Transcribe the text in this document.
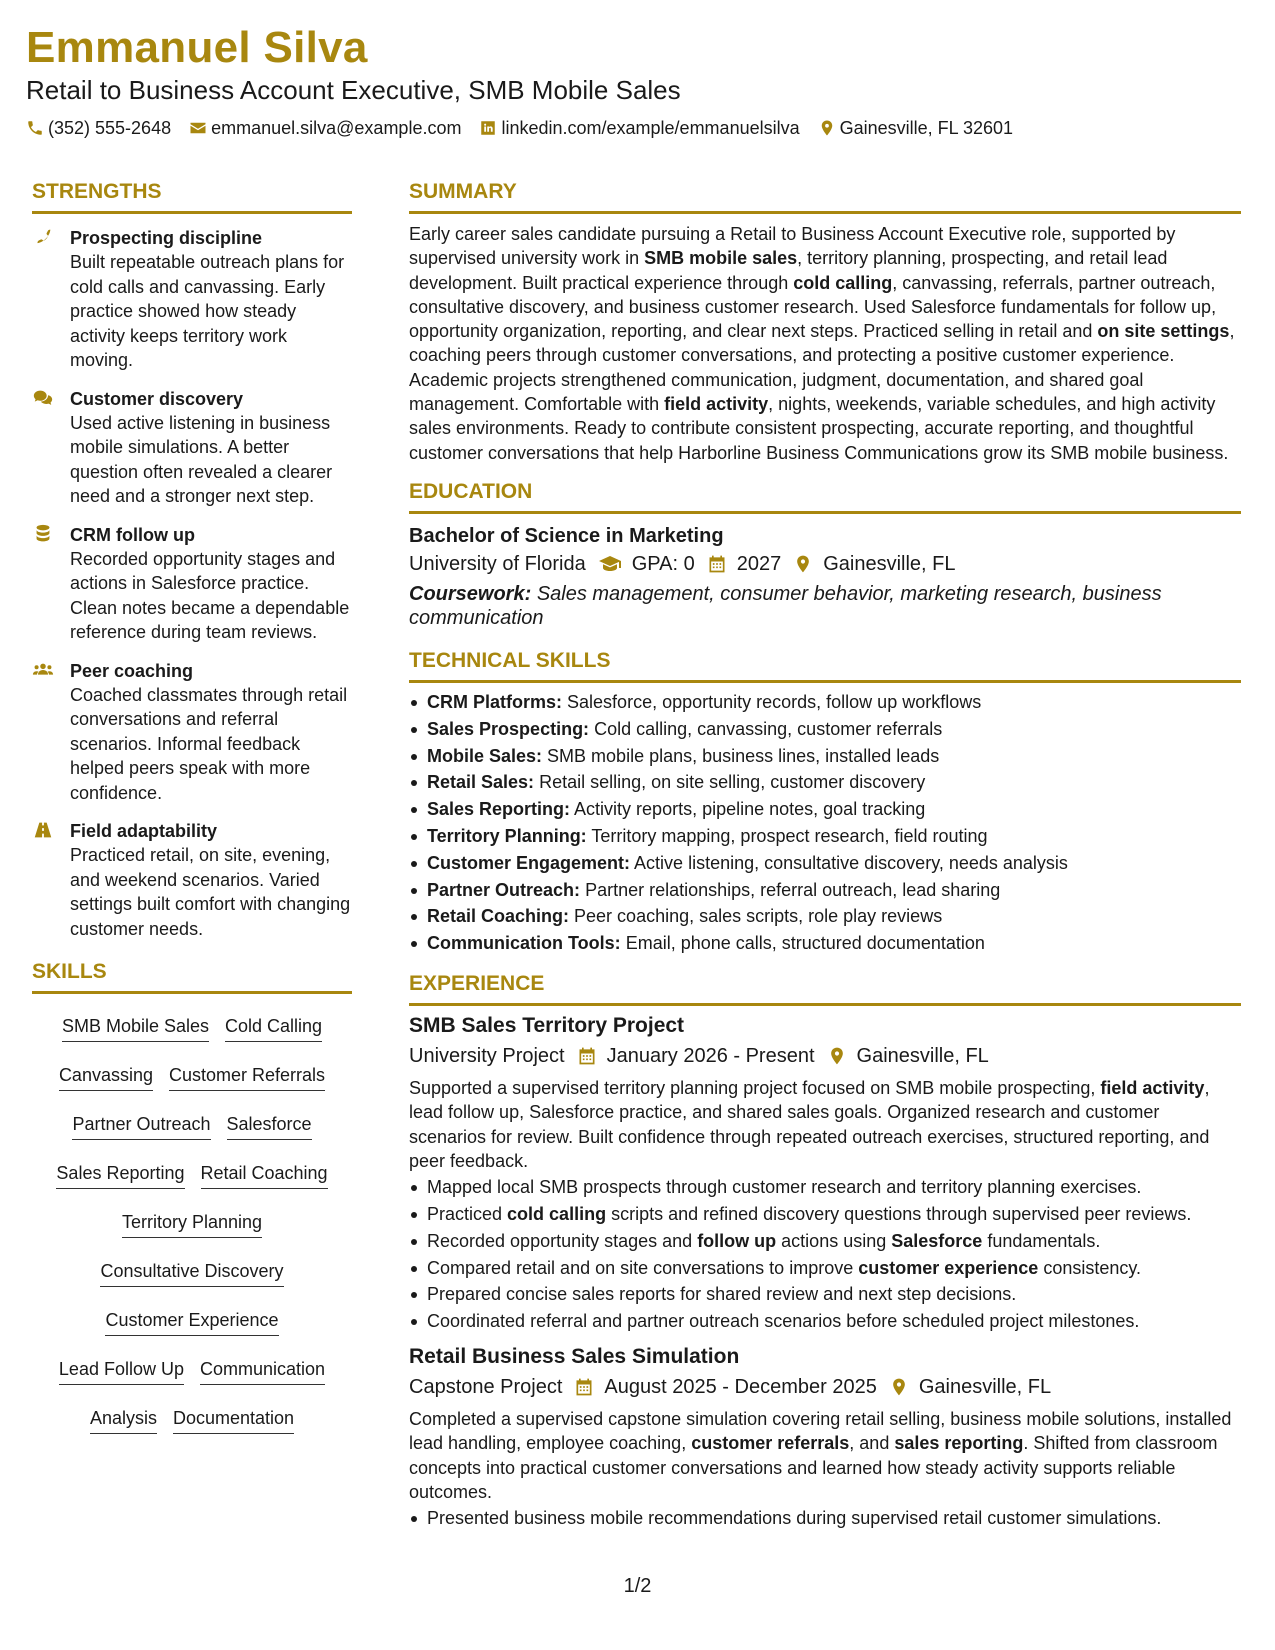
Emmanuel Silva
Retail to Business Account Executive, SMB Mobile Sales
(352) 555-2648 emmanuel.silva@example.com linkedin.com/example/emmanuelsilva Gainesville, FL 32601
STRENGTHS
Prospecting discipline
Built repeatable outreach plans for cold calls and canvassing. Early practice showed how steady activity keeps territory work moving.
Customer discovery
Used active listening in business mobile simulations. A better question often revealed a clearer need and a stronger next step.
CRM follow up
Recorded opportunity stages and actions in Salesforce practice. Clean notes became a dependable reference during team reviews.
Peer coaching
Coached classmates through retail conversations and referral scenarios. Informal feedback helped peers speak with more confidence.
Field adaptability
Practiced retail, on site, evening, and weekend scenarios. Varied settings built comfort with changing customer needs.
SKILLS
SMB Mobile Sales Cold Calling
Canvassing Customer Referrals
Partner Outreach Salesforce
Sales Reporting Retail Coaching
Territory Planning
Consultative Discovery
Customer Experience
Lead Follow Up Communication
Analysis Documentation
SUMMARY
Early career sales candidate pursuing a Retail to Business Account Executive role, supported by supervised university work in SMB mobile sales, territory planning, prospecting, and retail lead development. Built practical experience through cold calling, canvassing, referrals, partner outreach, consultative discovery, and business customer research. Used Salesforce fundamentals for follow up, opportunity organization, reporting, and clear next steps. Practiced selling in retail and on site settings, coaching peers through customer conversations, and protecting a positive customer experience. Academic projects strengthened communication, judgment, documentation, and shared goal management. Comfortable with field activity, nights, weekends, variable schedules, and high activity sales environments. Ready to contribute consistent prospecting, accurate reporting, and thoughtful customer conversations that help Harborline Business Communications grow its SMB mobile business.
EDUCATION
Bachelor of Science in Marketing
University of Florida GPA: 0 2027 Gainesville, FL
Coursework: Sales management, consumer behavior, marketing research, business communication
TECHNICAL SKILLS
CRM Platforms: Salesforce, opportunity records, follow up workflows
Sales Prospecting: Cold calling, canvassing, customer referrals
Mobile Sales: SMB mobile plans, business lines, installed leads
Retail Sales: Retail selling, on site selling, customer discovery
Sales Reporting: Activity reports, pipeline notes, goal tracking
Territory Planning: Territory mapping, prospect research, field routing
Customer Engagement: Active listening, consultative discovery, needs analysis
Partner Outreach: Partner relationships, referral outreach, lead sharing
Retail Coaching: Peer coaching, sales scripts, role play reviews
Communication Tools: Email, phone calls, structured documentation
EXPERIENCE
SMB Sales Territory Project
University Project January 2026 - Present Gainesville, FL
Supported a supervised territory planning project focused on SMB mobile prospecting, field activity, lead follow up, Salesforce practice, and shared sales goals. Organized research and customer scenarios for review. Built confidence through repeated outreach exercises, structured reporting, and peer feedback.
Mapped local SMB prospects through customer research and territory planning exercises.
Practiced cold calling scripts and refined discovery questions through supervised peer reviews.
Recorded opportunity stages and follow up actions using Salesforce fundamentals.
Compared retail and on site conversations to improve customer experience consistency.
Prepared concise sales reports for shared review and next step decisions.
Coordinated referral and partner outreach scenarios before scheduled project milestones.
Retail Business Sales Simulation
Capstone Project August 2025 - December 2025 Gainesville, FL
Completed a supervised capstone simulation covering retail selling, business mobile solutions, installed lead handling, employee coaching, customer referrals, and sales reporting. Shifted from classroom concepts into practical customer conversations and learned how steady activity supports reliable outcomes.
Presented business mobile recommendations during supervised retail customer simulations.
1/2
